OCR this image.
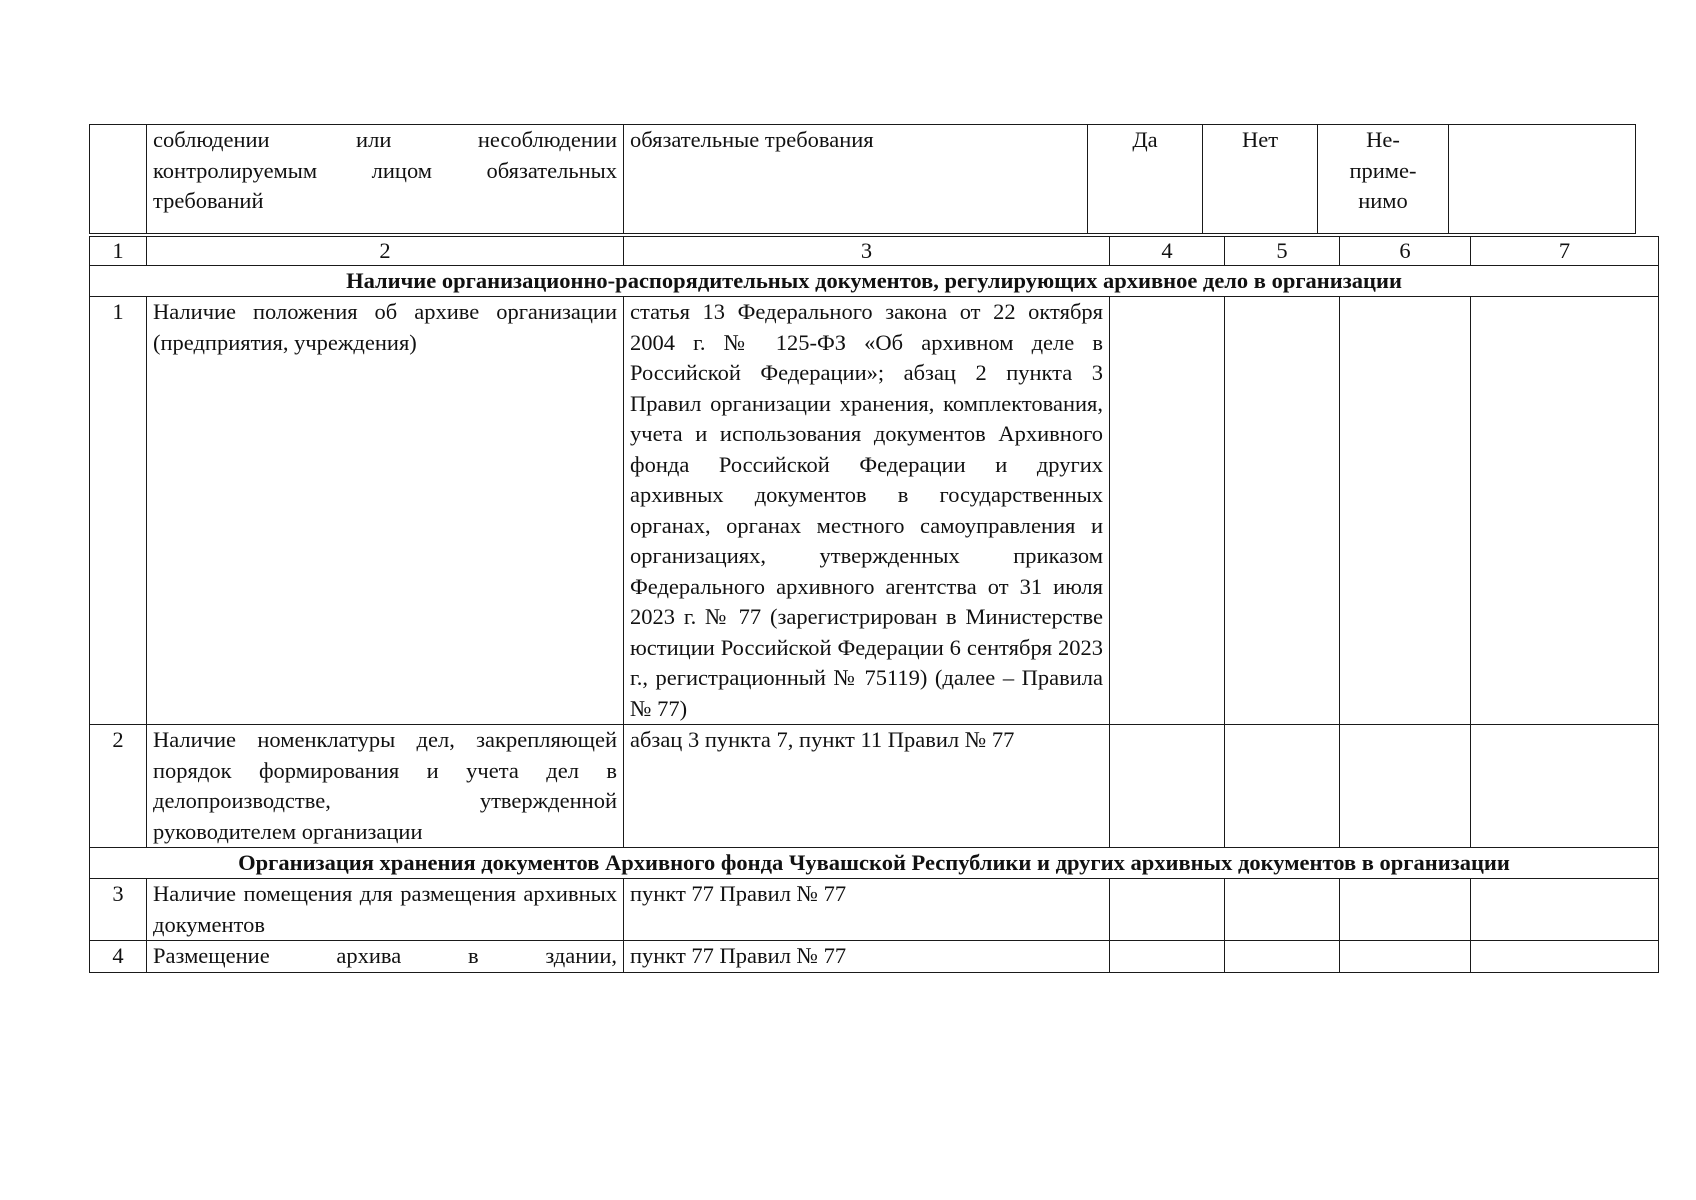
	соблюдении или несоблюдении контролируемым лицом обязательных требований	обязательные требования	Да	Нет	Не-
приме-
нимо

1	2	3	4	5	6	7
Наличие организационно-распорядительных документов, регулирующих архивное дело в организации						
1	Наличие положения об архиве организации (предприятия, учреждения)	статья 13 Федерального закона от 22 октября 2004 г. № 125-ФЗ «Об архивном деле в Российской Федерации»; абзац 2 пункта 3 Правил организации хранения, комплектования, учета и использования документов Архивного фонда Российской Федерации и других архивных документов в государственных органах, органах местного самоуправления и организациях, утвержденных приказом Федерального архивного агентства от 31 июля 2023 г. № 77 (зарегистрирован в Министерстве юстиции Российской Федерации 6 сентября 2023 г., регистрационный № 75119) (далее – Правила № 77)				
2	Наличие номенклатуры дел, закрепляющей порядок формирования и учета дел в делопроизводстве, утвержденной руководителем организации	абзац 3 пункта 7, пункт 11 Правил № 77				
Организация хранения документов Архивного фонда Чувашской Республики и других архивных документов в организации						
3	Наличие помещения для размещения архивных документов	пункт 77 Правил № 77				
4	Размещение архива в здании,	пункт 77 Правил № 77				
